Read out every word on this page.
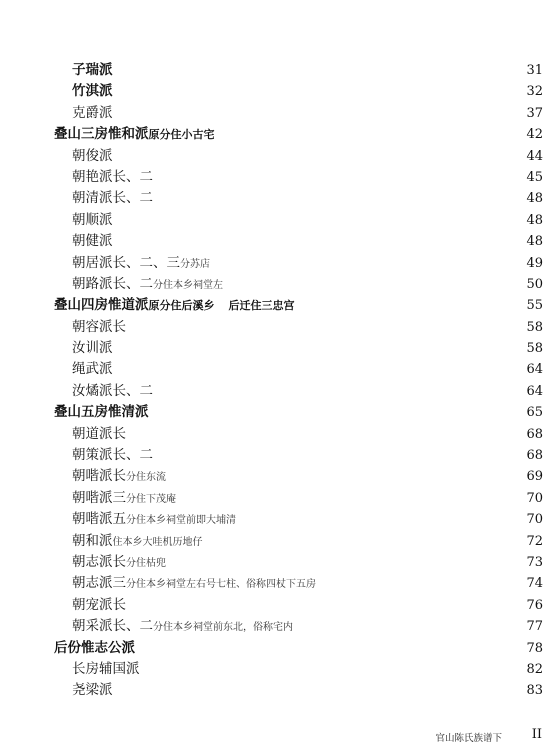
子瑞派	31
竹淇派	32
克爵派	37
叠山三房惟和派原分住小古宅	42
朝俊派	44
朝艳派长、二	45
朝清派长、二	48
朝顺派	48
朝健派	48
朝居派长、二、三分苏店	49
朝路派长、二分住本乡祠堂左	50
叠山四房惟道派原分住后溪乡 后迁住三忠宫	55
朝容派长	58
汝训派	58
绳武派	64
汝燏派长、二	64
叠山五房惟清派	65
朝道派长	68
朝策派长、二	68
朝喈派长分住东流	69
朝喈派三分住下茂庵	70
朝喈派五分住本乡祠堂前即大埔清	70
朝和派住本乡大哇机历地仔	72
朝志派长分住枯兜	73
朝志派三分住本乡祠堂左右号七柱、俗称四杖下五房	74
朝宠派长	76
朝采派长、二分住本乡祠堂前东北，俗称宅内	77
后份惟志公派	78
长房辅国派	82
尧梁派	83
官山陈氏族谱下 II
